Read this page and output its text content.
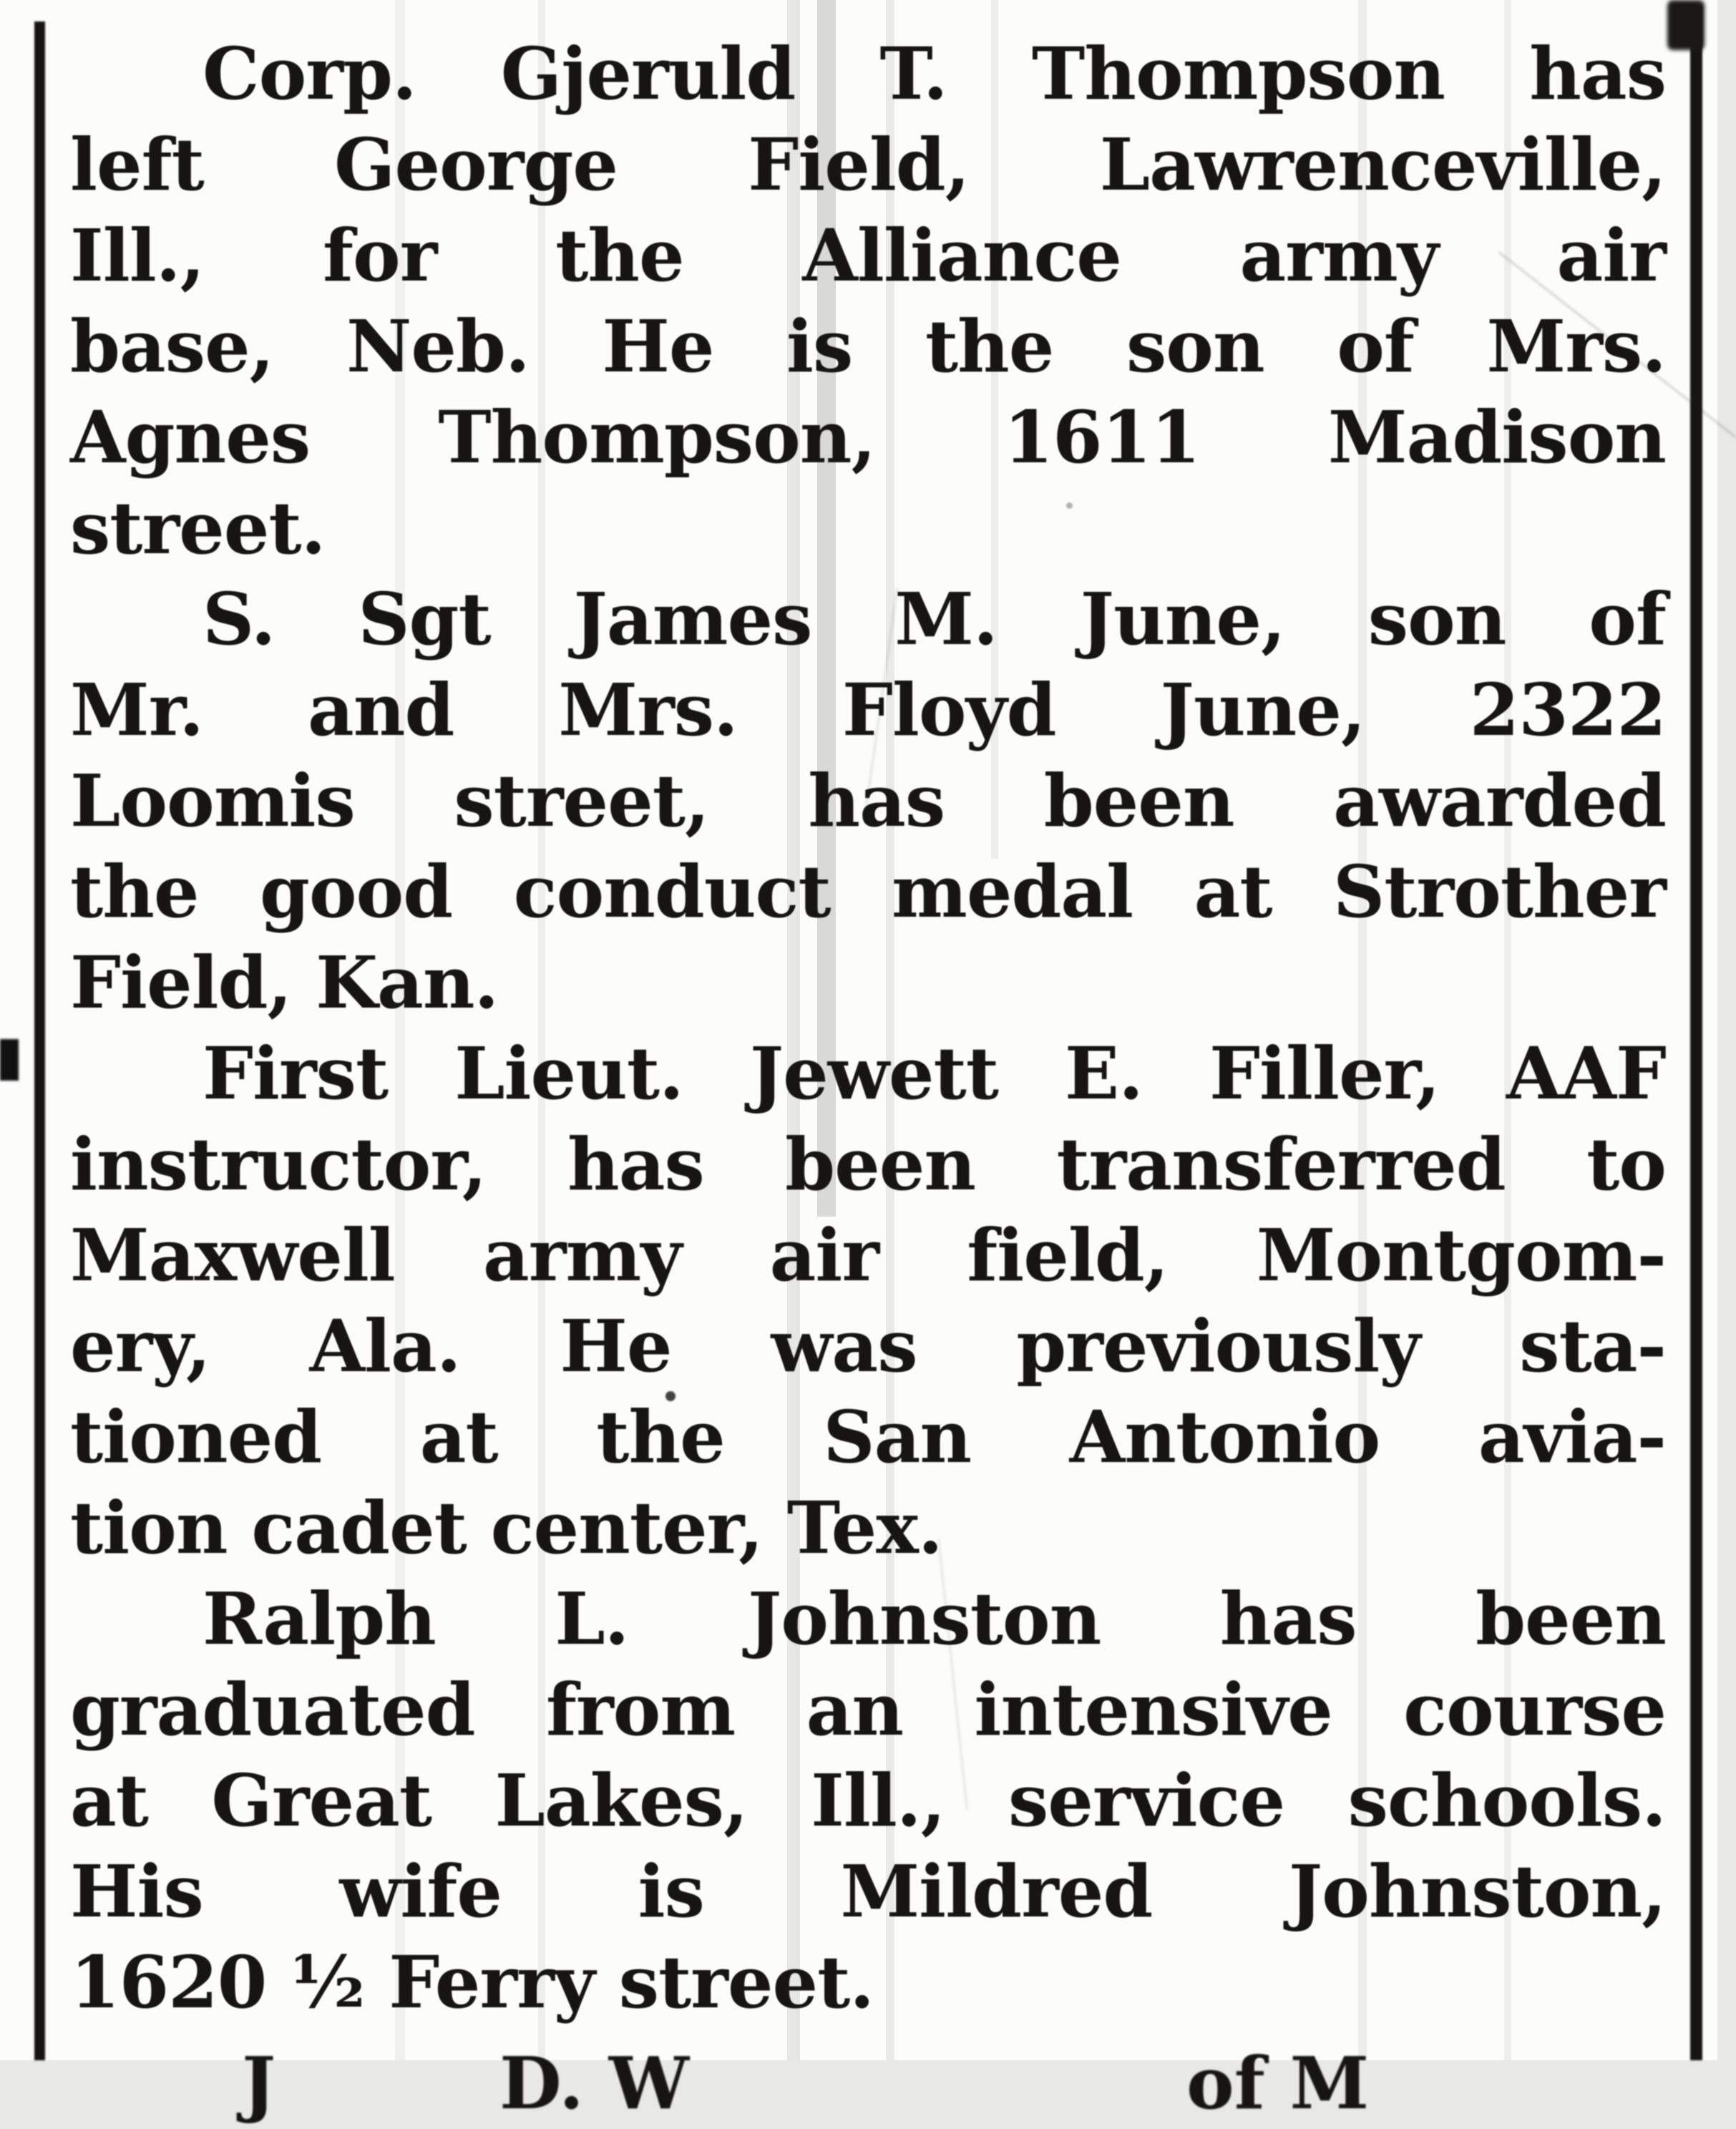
Corp. Gjeruld T. Thompson has
left George Field, Lawrenceville,
Ill., for the Alliance army air
base, Neb. He is the son of Mrs.
Agnes Thompson, 1611 Madison
street.
S. Sgt James M. June, son of
Mr. and Mrs. Floyd June, 2322
Loomis street, has been awarded
the good conduct medal at Strother
Field, Kan.
First Lieut. Jewett E. Filler, AAF
instructor, has been transferred to
Maxwell army air field, Montgom-
ery, Ala. He was previously sta-
tioned at the San Antonio avia-
tion cadet center, Tex.
Ralph L. Johnston has been
graduated from an intensive course
at Great Lakes, Ill., service schools.
His wife is Mildred Johnston,
1620 ½ Ferry street.
J	D. W	of M
